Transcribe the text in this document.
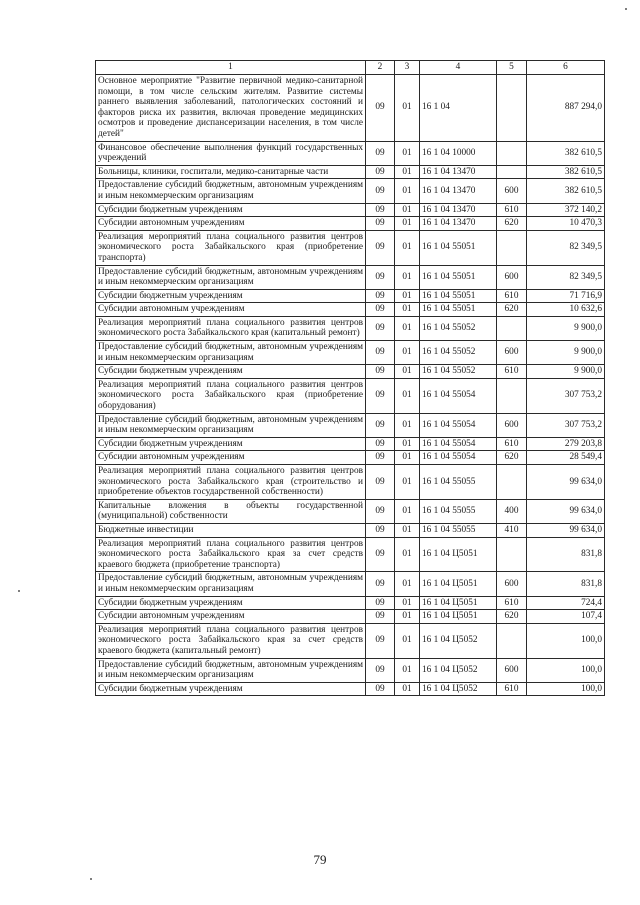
1	2	3	4	5	6
Основное мероприятие "Развитие первичной медико-санитарной помощи, в том числе сельским жителям. Развитие системы раннего выявления заболеваний, патологических состояний и факторов риска их развития, включая проведение медицинских осмотров и проведение диспансеризации населения, в том числе детей"	09	01	16 1 04		887 294,0
Финансовое обеспечение выполнения функций государственных учреждений	09	01	16 1 04 10000		382 610,5
Больницы, клиники, госпитали, медико-санитарные части	09	01	16 1 04 13470		382 610,5
Предоставление субсидий бюджетным, автономным учреждениям и иным некоммерческим организациям	09	01	16 1 04 13470	600	382 610,5
Субсидии бюджетным учреждениям	09	01	16 1 04 13470	610	372 140,2
Субсидии автономным учреждениям	09	01	16 1 04 13470	620	10 470,3
Реализация мероприятий плана социального развития центров экономического роста Забайкальского края (приобретение транспорта)	09	01	16 1 04 55051		82 349,5
Предоставление субсидий бюджетным, автономным учреждениям и иным некоммерческим организациям	09	01	16 1 04 55051	600	82 349,5
Субсидии бюджетным учреждениям	09	01	16 1 04 55051	610	71 716,9
Субсидии автономным учреждениям	09	01	16 1 04 55051	620	10 632,6
Реализация мероприятий плана социального развития центров экономического роста Забайкальского края (капитальный ремонт)	09	01	16 1 04 55052		9 900,0
Предоставление субсидий бюджетным, автономным учреждениям и иным некоммерческим организациям	09	01	16 1 04 55052	600	9 900,0
Субсидии бюджетным учреждениям	09	01	16 1 04 55052	610	9 900,0
Реализация мероприятий плана социального развития центров экономического роста Забайкальского края (приобретение оборудования)	09	01	16 1 04 55054		307 753,2
Предоставление субсидий бюджетным, автономным учреждениям и иным некоммерческим организациям	09	01	16 1 04 55054	600	307 753,2
Субсидии бюджетным учреждениям	09	01	16 1 04 55054	610	279 203,8
Субсидии автономным учреждениям	09	01	16 1 04 55054	620	28 549,4
Реализация мероприятий плана социального развития центров экономического роста Забайкальского края (строительство и приобретение объектов государственной собственности)	09	01	16 1 04 55055		99 634,0
Капитальные вложения в объекты государственной (муниципальной) собственности	09	01	16 1 04 55055	400	99 634,0
Бюджетные инвестиции	09	01	16 1 04 55055	410	99 634,0
Реализация мероприятий плана социального развития центров экономического роста Забайкальского края за счет средств краевого бюджета (приобретение транспорта)	09	01	16 1 04 Ц5051		831,8
Предоставление субсидий бюджетным, автономным учреждениям и иным некоммерческим организациям	09	01	16 1 04 Ц5051	600	831,8
Субсидии бюджетным учреждениям	09	01	16 1 04 Ц5051	610	724,4
Субсидии автономным учреждениям	09	01	16 1 04 Ц5051	620	107,4
Реализация мероприятий плана социального развития центров экономического роста Забайкальского края за счет средств краевого бюджета (капитальный ремонт)	09	01	16 1 04 Ц5052		100,0
Предоставление субсидий бюджетным, автономным учреждениям и иным некоммерческим организациям	09	01	16 1 04 Ц5052	600	100,0
Субсидии бюджетным учреждениям	09	01	16 1 04 Ц5052	610	100,0
79
